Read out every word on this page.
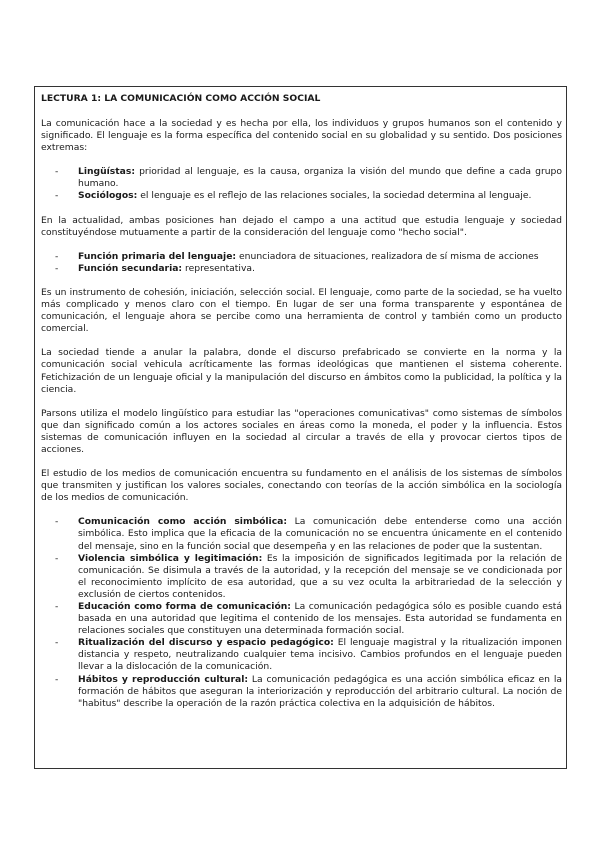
LECTURA 1: LA COMUNICACIÓN COMO ACCIÓN SOCIAL

La comunicación hace a la sociedad y es hecha por ella, los individuos y grupos humanos son el contenido y significado. El lenguaje es la forma específica del contenido social en su globalidad y su sentido. Dos posiciones extremas:

- Lingüístas: prioridad al lenguaje, es la causa, organiza la visión del mundo que define a cada grupo humano.
- Sociólogos: el lenguaje es el reflejo de las relaciones sociales, la sociedad determina al lenguaje.

En la actualidad, ambas posiciones han dejado el campo a una actitud que estudia lenguaje y sociedad constituyéndose mutuamente a partir de la consideración del lenguaje como "hecho social".

- Función primaria del lenguaje: enunciadora de situaciones, realizadora de sí misma de acciones
- Función secundaria: representativa.

Es un instrumento de cohesión, iniciación, selección social. El lenguaje, como parte de la sociedad, se ha vuelto más complicado y menos claro con el tiempo. En lugar de ser una forma transparente y espontánea de comunicación, el lenguaje ahora se percibe como una herramienta de control y también como un producto comercial.

La sociedad tiende a anular la palabra, donde el discurso prefabricado se convierte en la norma y la comunicación social vehicula acríticamente las formas ideológicas que mantienen el sistema coherente. Fetichización de un lenguaje oficial y la manipulación del discurso en ámbitos como la publicidad, la política y la ciencia.

Parsons utiliza el modelo lingüístico para estudiar las "operaciones comunicativas" como sistemas de símbolos que dan significado común a los actores sociales en áreas como la moneda, el poder y la influencia. Estos sistemas de comunicación influyen en la sociedad al circular a través de ella y provocar ciertos tipos de acciones.

El estudio de los medios de comunicación encuentra su fundamento en el análisis de los sistemas de símbolos que transmiten y justifican los valores sociales, conectando con teorías de la acción simbólica en la sociología de los medios de comunicación.

- Comunicación como acción simbólica: La comunicación debe entenderse como una acción simbólica. Esto implica que la eficacia de la comunicación no se encuentra únicamente en el contenido del mensaje, sino en la función social que desempeña y en las relaciones de poder que la sustentan.
- Violencia simbólica y legitimación: Es la imposición de significados legitimada por la relación de comunicación. Se disimula a través de la autoridad, y la recepción del mensaje se ve condicionada por el reconocimiento implícito de esa autoridad, que a su vez oculta la arbitrariedad de la selección y exclusión de ciertos contenidos.
- Educación como forma de comunicación: La comunicación pedagógica sólo es posible cuando está basada en una autoridad que legitima el contenido de los mensajes. Esta autoridad se fundamenta en relaciones sociales que constituyen una determinada formación social.
- Ritualización del discurso y espacio pedagógico: El lenguaje magistral y la ritualización imponen distancia y respeto, neutralizando cualquier tema incisivo. Cambios profundos en el lenguaje pueden llevar a la dislocación de la comunicación.
- Hábitos y reproducción cultural: La comunicación pedagógica es una acción simbólica eficaz en la formación de hábitos que aseguran la interiorización y reproducción del arbitrario cultural. La noción de "habitus" describe la operación de la razón práctica colectiva en la adquisición de hábitos.
